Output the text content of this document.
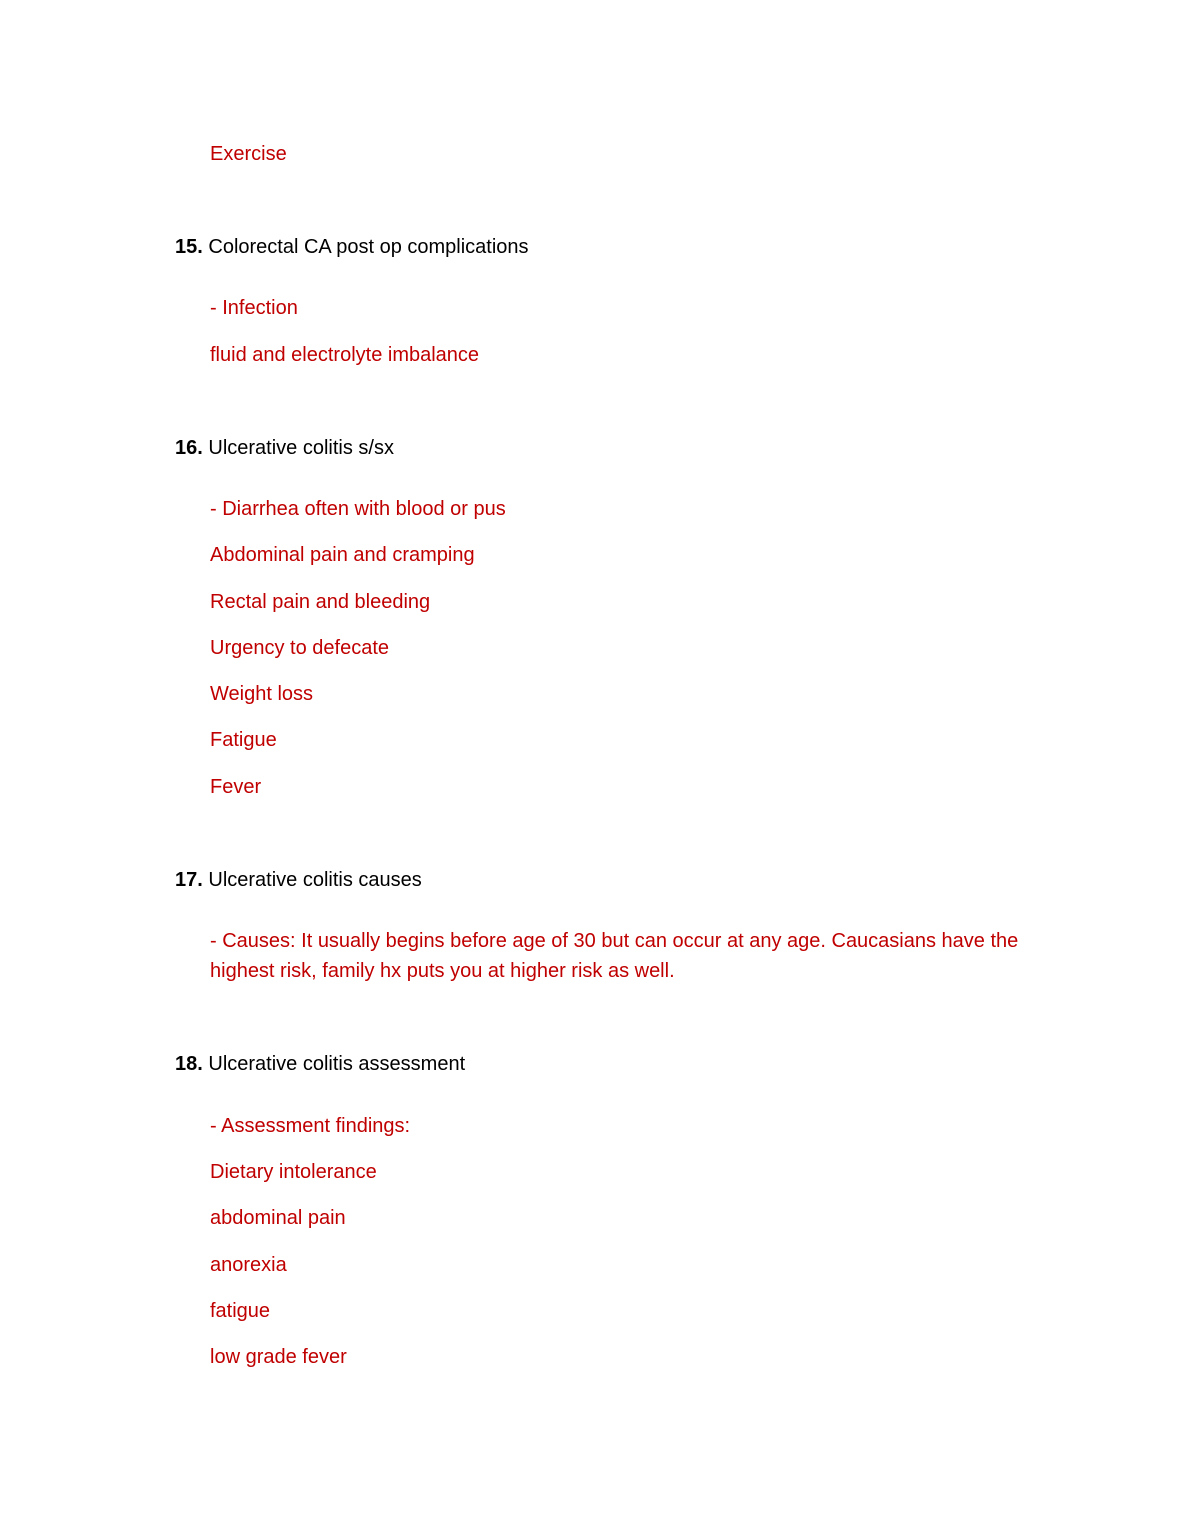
Exercise
15. Colorectal CA post op complications
- Infection
fluid and electrolyte imbalance
16. Ulcerative colitis s/sx
- Diarrhea often with blood or pus
Abdominal pain and cramping
Rectal pain and bleeding
Urgency to defecate
Weight loss
Fatigue
Fever
17. Ulcerative colitis causes
- Causes: It usually begins before age of 30 but can occur at any age. Caucasians have the highest risk, family hx puts you at higher risk as well.
18. Ulcerative colitis assessment
- Assessment findings:
Dietary intolerance
abdominal pain
anorexia
fatigue
low grade fever
